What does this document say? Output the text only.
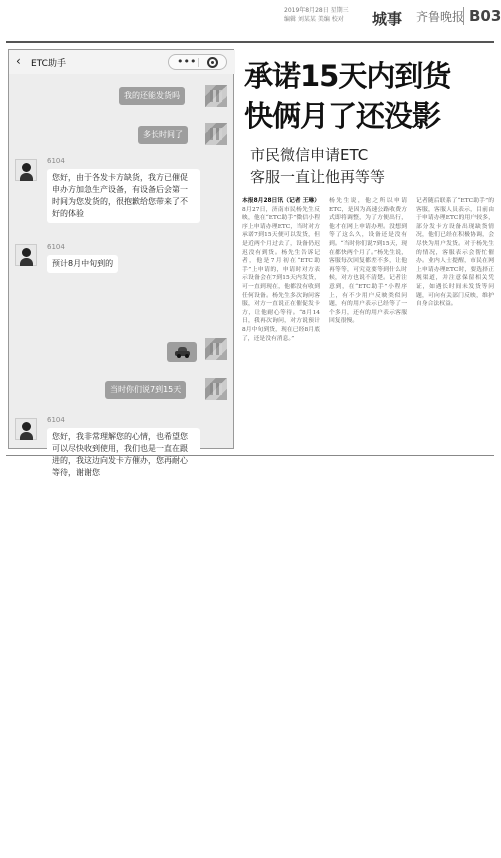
2019年8月28日 星期三
编辑 刘某某 美编 校对	城事 齐鲁晚报 B03
‹ ETC助手	•••
我的还能发货吗
多长时间了
6104
您好，由于各发卡方缺货，我方已催促申办方加急生产设备，有设备后会第一时间为您发货的，很抱歉给您带来了不好的体验
6104
预计8月中旬到的
当时你们说7到15天
6104
您好，我非常理解您的心情，也希望您可以尽快收到使用，我们也是一直在跟进的，我这边向发卡方催办，您再耐心等待，谢谢您
承诺15天内到货
快俩月了还没影
市民微信申请ETC
客服一直让他再等等
本报8月28日讯（记者 王琳）8月27日，济南市民杨先生反映，他在“ETC助手”微信小程序上申请办理ETC，当时对方承诺7到15天便可以发货，但是近两个月过去了，设备仍迟迟没有到货。杨先生告诉记者，他是7月初在“ETC助手”上申请的，申请时对方表示设备会在7到15天内发货，可一直到现在，他都没有收到任何设备。杨先生多次询问客服，对方一直说正在催促发卡方，让他耐心等待。“8月14日，我再次询问，对方说预计8月中旬到货，现在已经8月底了，还是没有消息。”
杨先生说，他之所以申请ETC，是因为高速公路收费方式即将调整，为了方便出行，他才在网上申请办理。没想到等了这么久，设备还是没有到。“当时你们说7到15天，现在都快两个月了。”杨先生说，客服每次回复都差不多，让他再等等，可究竟要等到什么时候，对方也说不清楚。记者注意到，在“ETC助手”小程序上，有不少用户反映类似问题，有的用户表示已经等了一个多月，还有的用户表示客服回复很慢。
记者随后联系了“ETC助手”的客服，客服人员表示，目前由于申请办理ETC的用户较多，部分发卡方设备出现缺货情况，他们已经在积极协调，会尽快为用户发货。对于杨先生的情况，客服表示会帮忙催办。业内人士提醒，市民在网上申请办理ETC时，要选择正规渠道，并注意保留相关凭证，如遇长时间未发货等问题，可向有关部门反映，维护自身合法权益。
